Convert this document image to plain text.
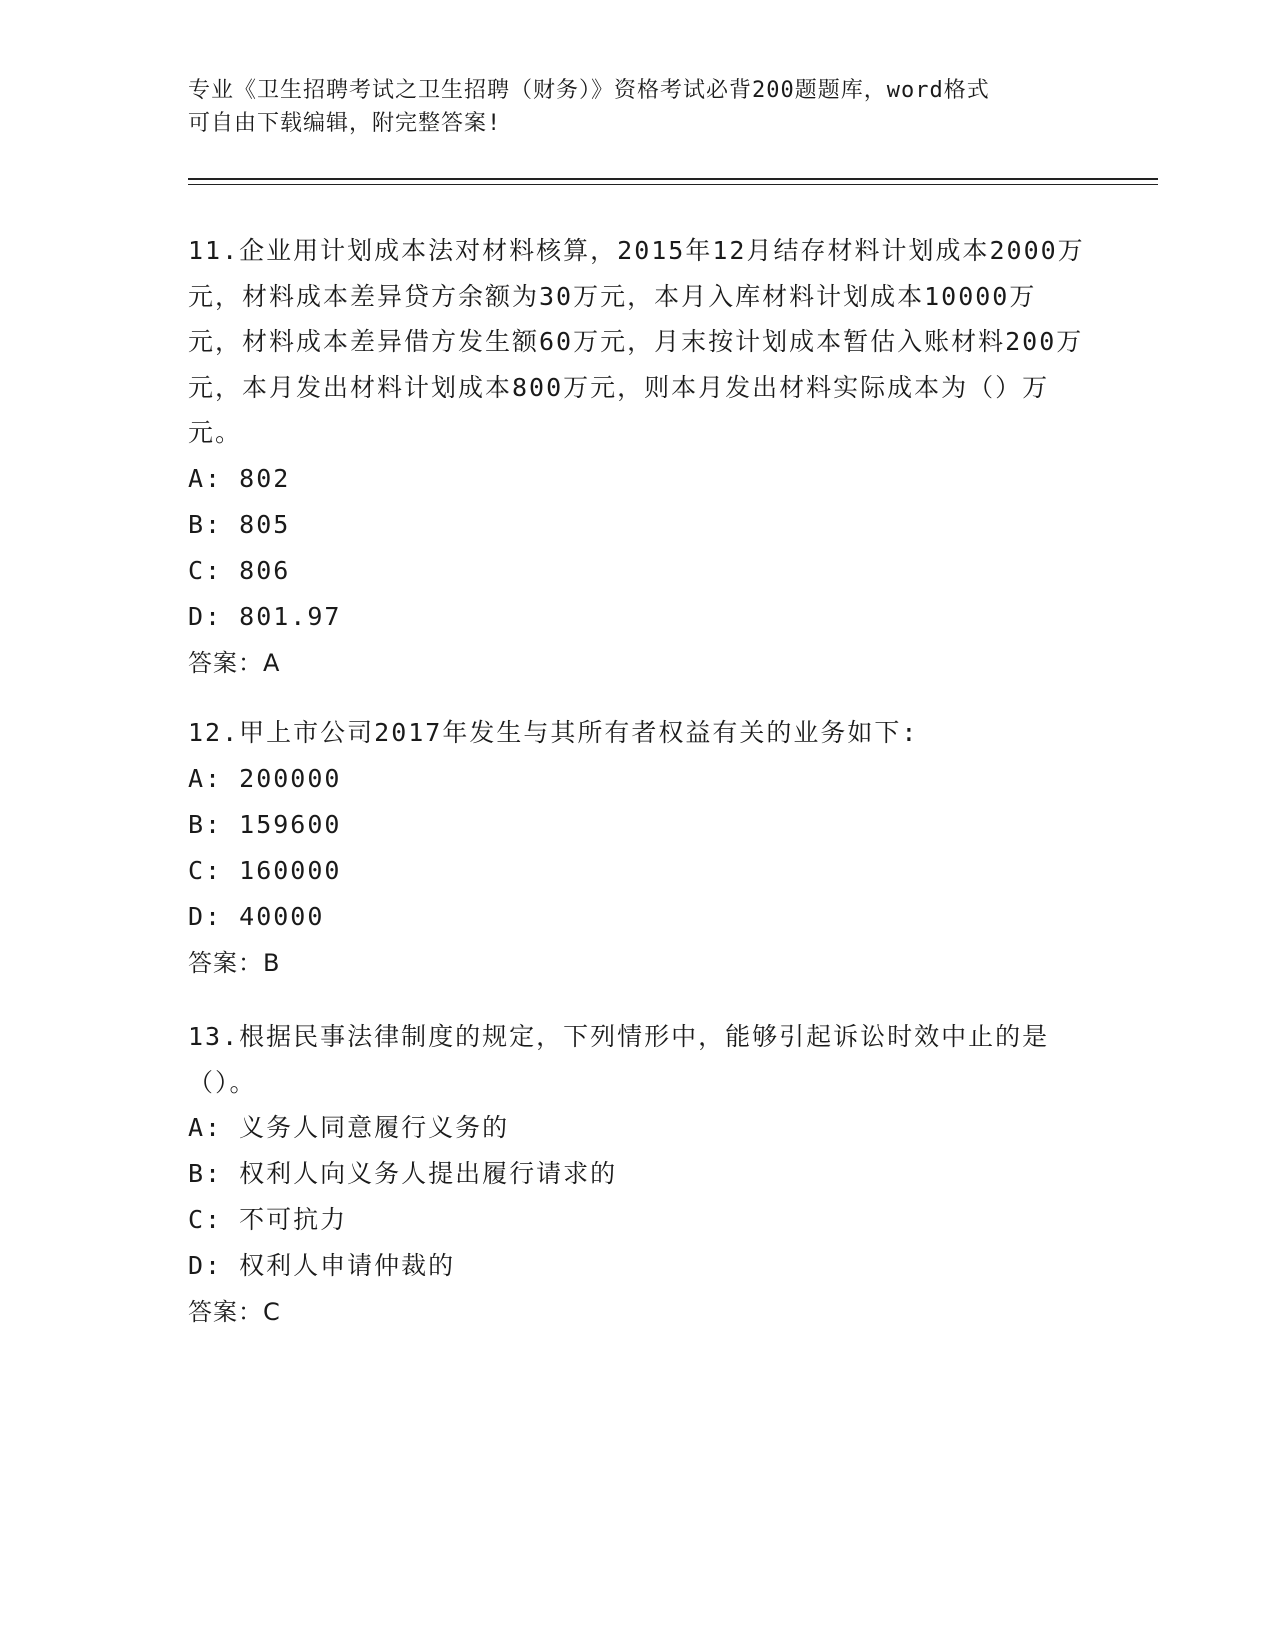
专业《卫生招聘考试之卫生招聘（财务）》资格考试必背200题题库，word格式

可自由下载编辑，附完整答案!

11.企业用计划成本法对材料核算，2015年12月结存材料计划成本2000万元，材料成本差异贷方余额为30万元，本月入库材料计划成本10000万元，材料成本差异借方发生额60万元，月末按计划成本暂估入账材料200万元，本月发出材料计划成本800万元，则本月发出材料实际成本为（）万元。

A: 802
B: 805
C: 806
D: 801.97
答案：A

12.甲上市公司2017年发生与其所有者权益有关的业务如下:

A: 200000
B: 159600
C: 160000
D: 40000
答案：B

13.根据民事法律制度的规定，下列情形中，能够引起诉讼时效中止的是（）。

A: 义务人同意履行义务的
B: 权利人向义务人提出履行请求的
C: 不可抗力
D: 权利人申请仲裁的
答案：C
